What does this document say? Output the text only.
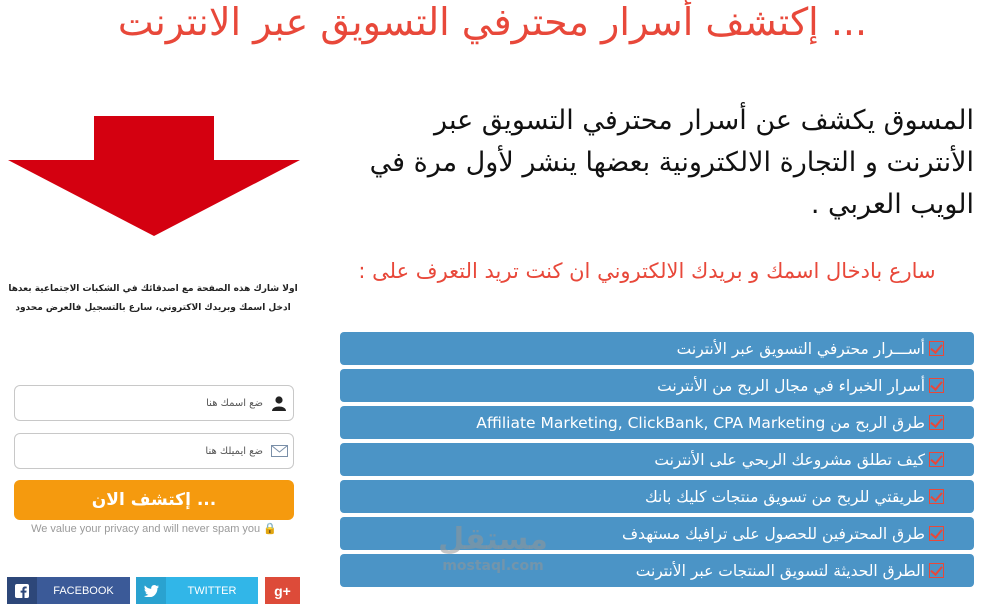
إكتشف أسرار محترفي التسويق عبر الانترنت ...
اولا شارك هذه الصفحة مع اصدقائك في الشكبات الاجتماعية بعدها ادخل اسمك وبريدك الاكتروني، سارع بالتسجيل فالعرض محدود
ضع اسمك هنا
ضع ايميلك هنا
إكتشف الان ...
We value your privacy and will never spam you 🔒
FACEBOOK	TWITTER	g+
المسوق يكشف عن أسرار محترفي التسويق عبر الأنترنت و التجارة الالكترونية بعضها ينشر لأول مرة في الويب العربي .
سارع بادخال اسمك و بريدك الالكتروني ان كنت تريد التعرف على :
أســـرار محترفي التسويق عبر الأنترنت
أسرار الخبراء في مجال الربح من الأنترنت
طرق الربح من Affiliate Marketing, ClickBank, CPA Marketing
كيف تطلق مشروعك الربحي على الأنترنت
طريقتي للربح من تسويق منتجات كليك بانك
طرق المحترفين للحصول على ترافيك مستهدف
الطرق الحديثة لتسويق المنتجات عبر الأنترنت
مستقل
mostaql.com
